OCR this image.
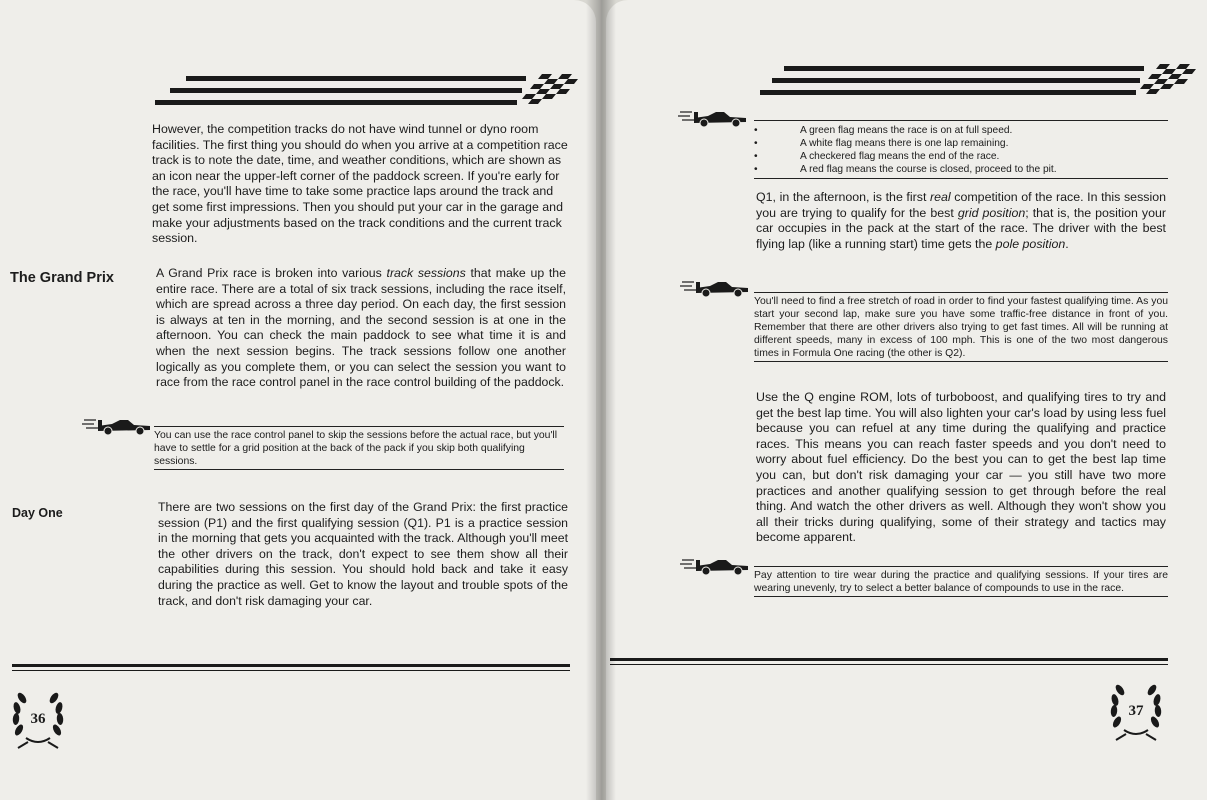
However, the competition tracks do not have wind tunnel or dyno room facilities. The first thing you should do when you arrive at a competition race track is to note the date, time, and weather conditions, which are shown as an icon near the upper-left corner of the paddock screen. If you're early for the race, you'll have time to take some practice laps around the track and get some first impressions. Then you should put your car in the garage and make your adjustments based on the track conditions and the current track session.

The Grand Prix	A Grand Prix race is broken into various track sessions that make up the entire race. There are a total of six track sessions, including the race itself, which are spread across a three day period. On each day, the first session is always at ten in the morning, and the second session is at one in the afternoon. You can check the main paddock to see what time it is and when the next session begins. The track sessions follow one another logically as you complete them, or you can select the session you want to race from the race control panel in the race control building of the paddock.

You can use the race control panel to skip the sessions before the actual race, but you'll have to settle for a grid position at the back of the pack if you skip both qualifying sessions.
Day One	There are two sessions on the first day of the Grand Prix: the first practice session (P1) and the first qualifying session (Q1). P1 is a practice session in the morning that gets you acquainted with the track. Although you'll meet the other drivers on the track, don't expect to see them show all their capabilities during this session. You should hold back and take it easy during the practice as well. Get to know the layout and trouble spots of the track, and don't risk damaging your car.

36
•	A green flag means the race is on at full speed.
•	A white flag means there is one lap remaining.
•	A checkered flag means the end of the race.
•	A red flag means the course is closed, proceed to the pit.

Q1, in the afternoon, is the first real competition of the race. In this session you are trying to qualify for the best grid position; that is, the position your car occupies in the pack at the start of the race. The driver with the best flying lap (like a running start) time gets the pole position.

You'll need to find a free stretch of road in order to find your fastest qualifying time. As you start your second lap, make sure you have some traffic-free distance in front of you. Remember that there are other drivers also trying to get fast times. All will be running at different speeds, many in excess of 100 mph. This is one of the two most dangerous times in Formula One racing (the other is Q2).

Use the Q engine ROM, lots of turboboost, and qualifying tires to try and get the best lap time. You will also lighten your car's load by using less fuel because you can refuel at any time during the qualifying and practice races. This means you can reach faster speeds and you don't need to worry about fuel efficiency. Do the best you can to get the best lap time you can, but don't risk damaging your car — you still have two more practices and another qualifying session to get through before the real thing. And watch the other drivers as well. Although they won't show you all their tricks during qualifying, some of their strategy and tactics may become apparent.

Pay attention to tire wear during the practice and qualifying sessions. If your tires are wearing unevenly, try to select a better balance of compounds to use in the race.
37
